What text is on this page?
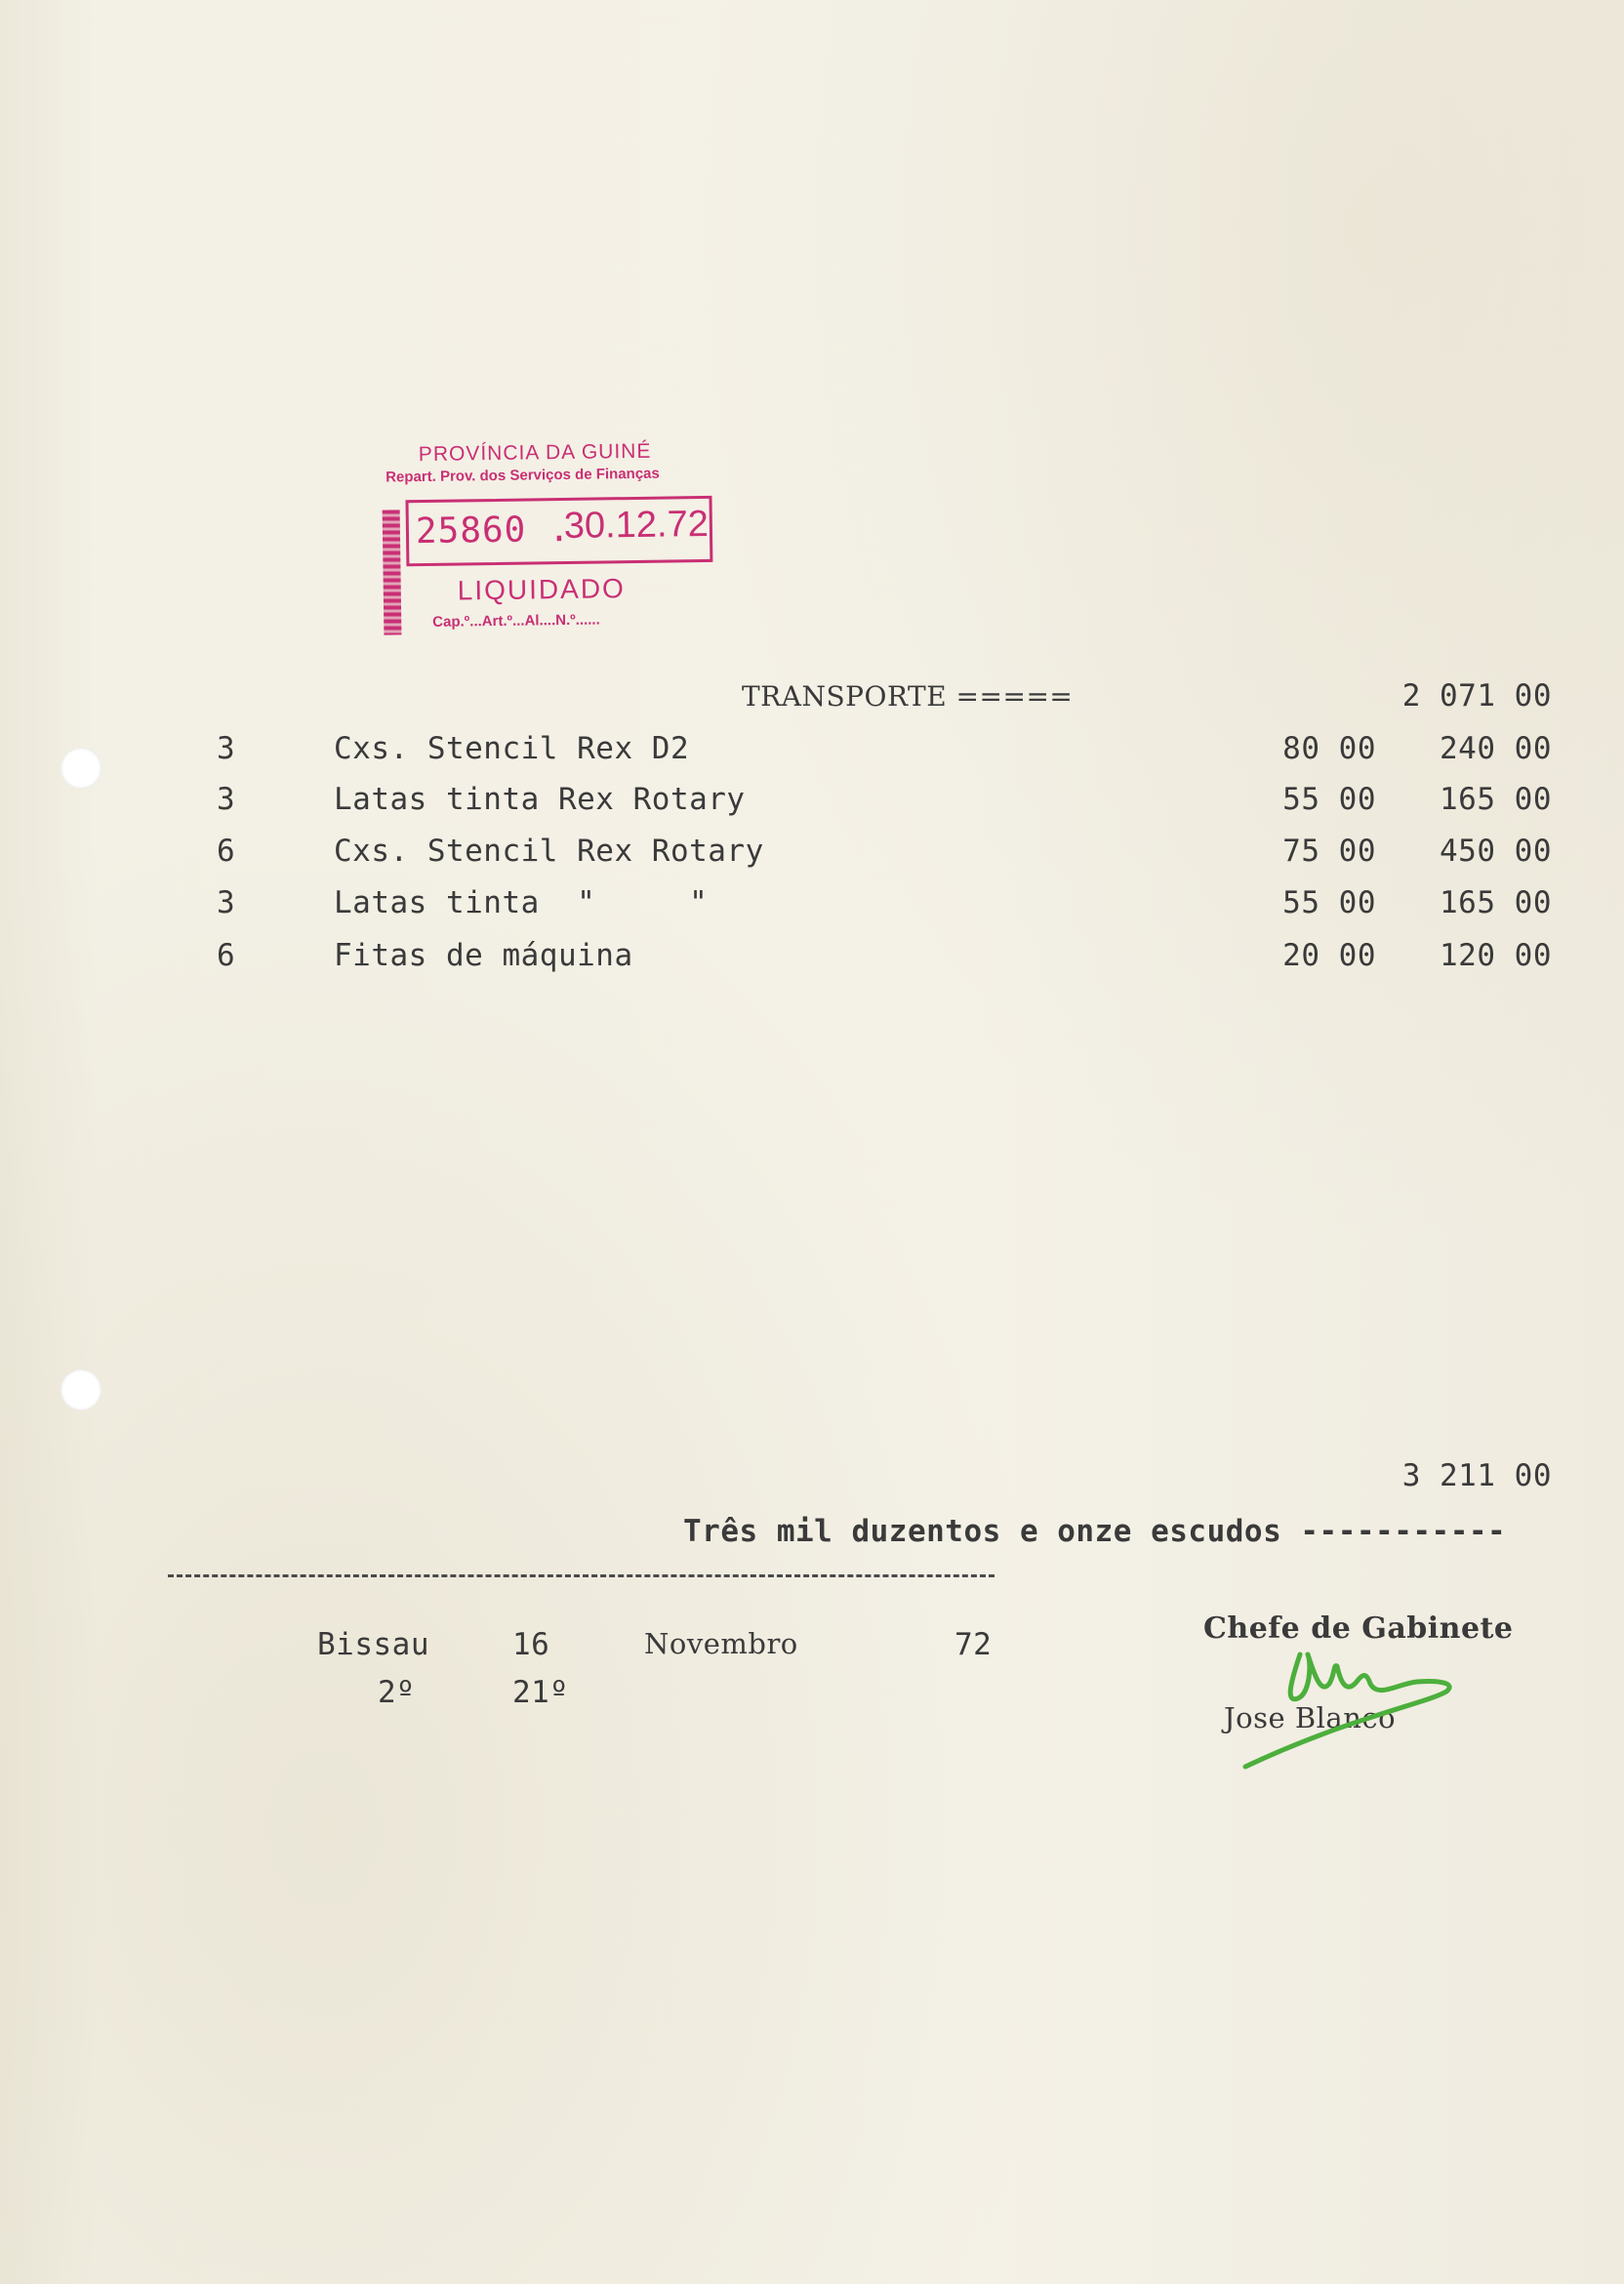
PROVÍNCIA DA GUINÉ
Repart. Prov. dos Serviços de Finanças
25860 .
30.12.72
LIQUIDADO
Cap.º...Art.º...Al....N.º......
TRANSPORTE =====	2 071 00
3	Cxs. Stencil Rex D2	80 00	240 00
3	Latas tinta Rex Rotary	55 00	165 00
6	Cxs. Stencil Rex Rotary	75 00	450 00
3	Latas tinta  "     "	55 00	165 00
6	Fitas de máquina	20 00	120 00
3 211 00
Três mil duzentos e onze escudos -----------
Bissau	16	Novembro	72
2º	21º
Chefe de Gabinete
Jose Blanco
